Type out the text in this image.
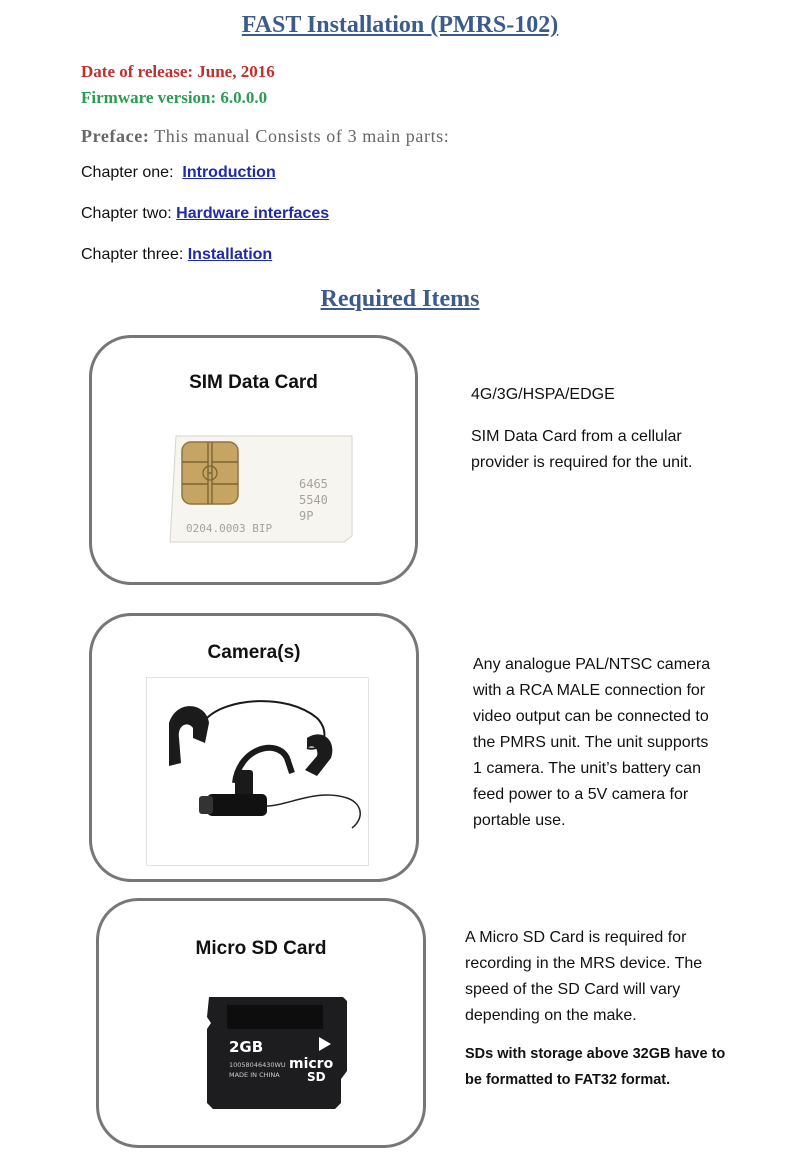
FAST Installation (PMRS-102)
Date of release: June, 2016
Firmware version: 6.0.0.0
Preface: This manual Consists of 3 main parts:
Chapter one: Introduction
Chapter two: Hardware interfaces
Chapter three: Installation
Required Items
SIM Data Card
6465
5540
9P
0204.0003 BIP

4G/3G/HSPA/EDGE

SIM Data Card from a cellular

provider is required for the unit.

Camera(s)

Any analogue PAL/NTSC camera

with a RCA MALE connection for

video output can be connected to

the PMRS unit. The unit supports

1 camera. The unit’s battery can

feed power to a 5V camera for

portable use.

Micro SD Card
2GB
10058046430WU
MADE IN CHINA
micro
SD

A Micro SD Card is required for

recording in the MRS device. The

speed of the SD Card will vary

depending on the make.

SDs with storage above 32GB have to
be formatted to FAT32 format.
